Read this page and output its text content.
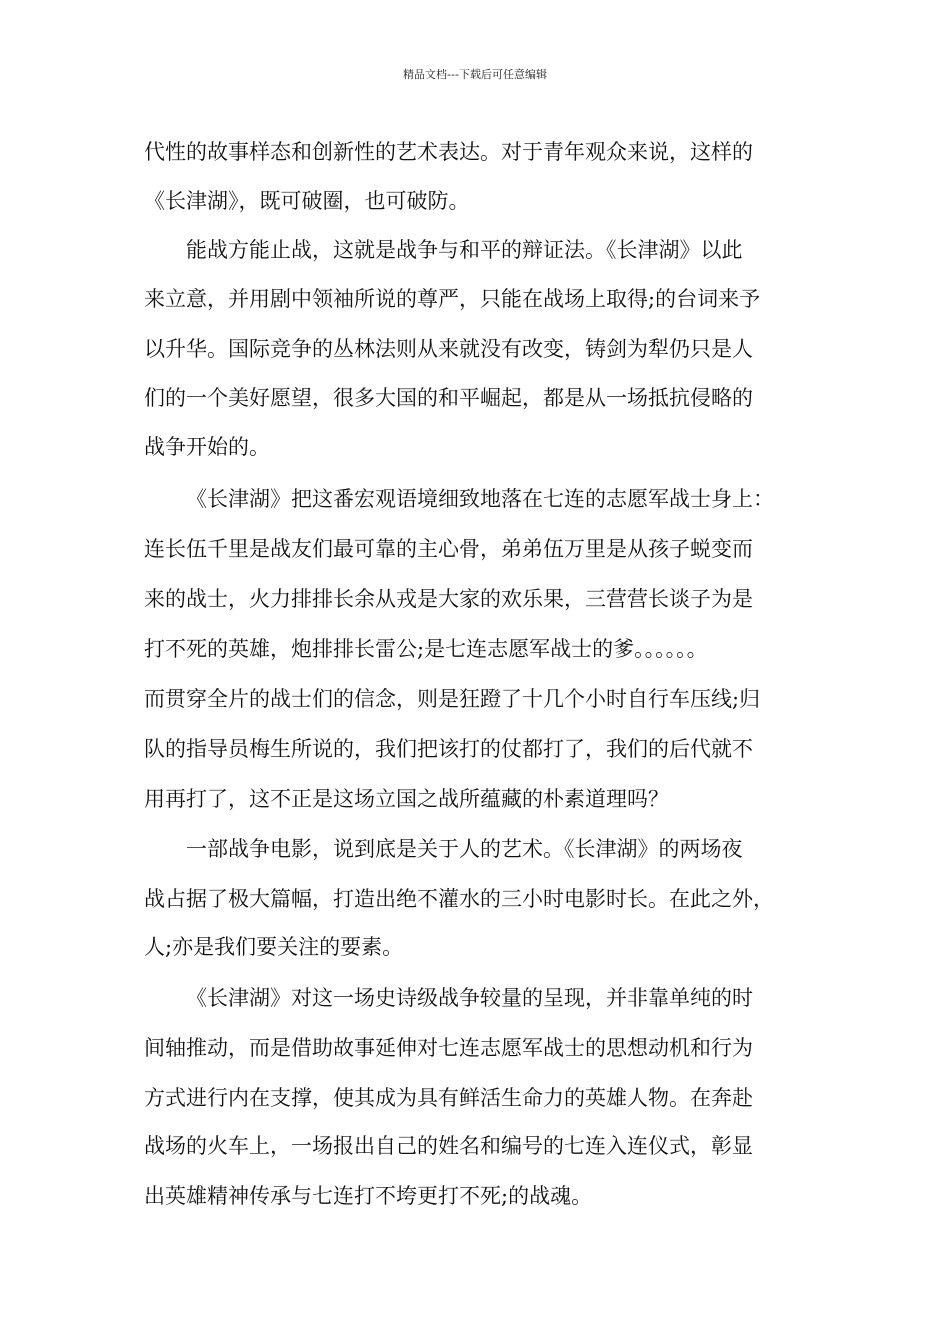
精品文档---下载后可任意编辑
代性的故事样态和创新性的艺术表达。对于青年观众来说，这样的
《长津湖》，既可破圈，也可破防。
能战方能止战，这就是战争与和平的辩证法。《长津湖》以此
来立意，并用剧中领袖所说的尊严，只能在战场上取得;的台词来予
以升华。国际竞争的丛林法则从来就没有改变，铸剑为犁仍只是人
们的一个美好愿望，很多大国的和平崛起，都是从一场抵抗侵略的
战争开始的。
《长津湖》把这番宏观语境细致地落在七连的志愿军战士身上：
连长伍千里是战友们最可靠的主心骨，弟弟伍万里是从孩子蜕变而
来的战士，火力排排长余从戎是大家的欢乐果，三营营长谈子为是
打不死的英雄，炮排排长雷公;是七连志愿军战士的爹。。。。。。
而贯穿全片的战士们的信念，则是狂蹬了十几个小时自行车压线;归
队的指导员梅生所说的，我们把该打的仗都打了，我们的后代就不
用再打了，这不正是这场立国之战所蕴藏的朴素道理吗？
一部战争电影，说到底是关于人的艺术。《长津湖》的两场夜
战占据了极大篇幅，打造出绝不灌水的三小时电影时长。在此之外，
人;亦是我们要关注的要素。
《长津湖》对这一场史诗级战争较量的呈现，并非靠单纯的时
间轴推动，而是借助故事延伸对七连志愿军战士的思想动机和行为
方式进行内在支撑，使其成为具有鲜活生命力的英雄人物。在奔赴
战场的火车上，一场报出自己的姓名和编号的七连入连仪式，彰显
出英雄精神传承与七连打不垮更打不死;的战魂。
